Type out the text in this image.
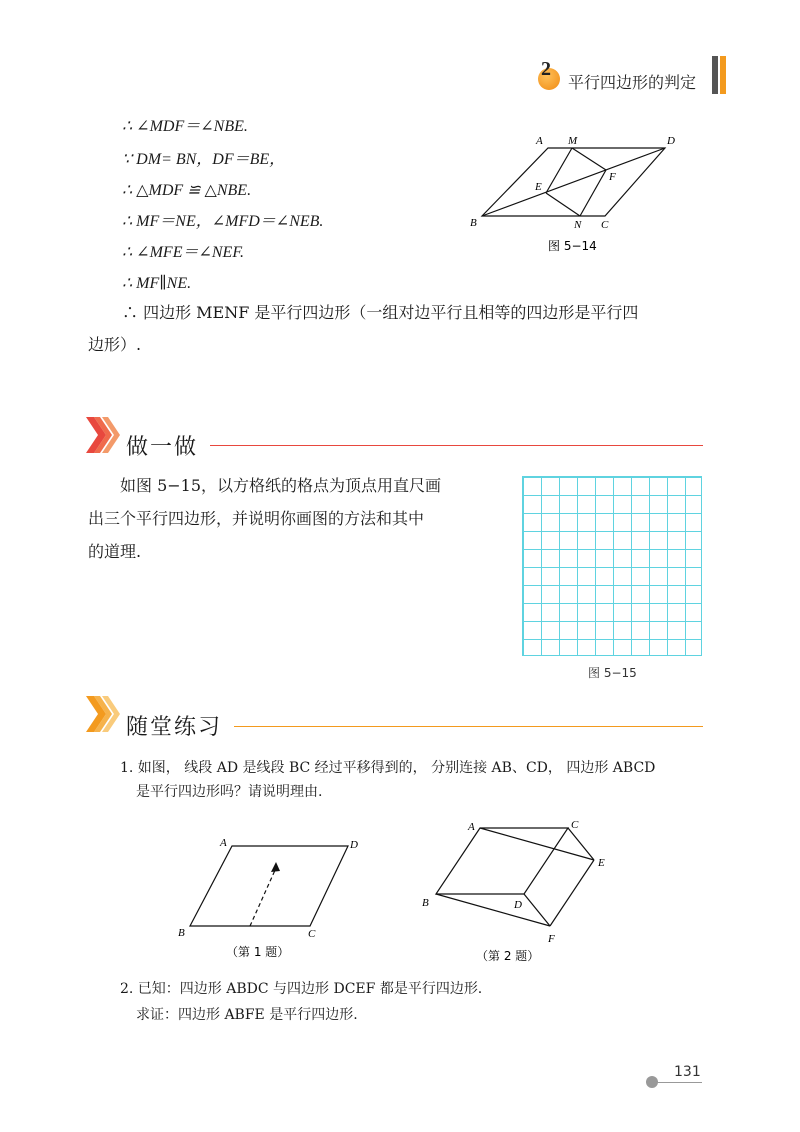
2
平行四边形的判定
∴ ∠MDF＝∠NBE.
∵ DM= BN，DF＝BE，
∴ △MDF ≌ △NBE.
∴ MF＝NE，∠MFD＝∠NEB.
∴ ∠MFE＝∠NEF.
∴ MF∥NE.
∴ 四边形 MENF 是平行四边形（一组对边平行且相等的四边形是平行四
边形）.
A M	D
E
F
B	N C
图 5−14
做一做
如图 5−15，以方格纸的格点为顶点用直尺画
出三个平行四边形，并说明你画图的方法和其中
的道理.
图 5−15
随堂练习
1. 如图， 线段 AD 是线段 BC 经过平移得到的， 分别连接 AB、CD， 四边形 ABCD
是平行四边形吗？请说明理由.
A	D
B	C
（第 1 题）
A	C
E
B	D
F
（第 2 题）
2. 已知：四边形 ABDC 与四边形 DCEF 都是平行四边形.
求证：四边形 ABFE 是平行四边形.
131
